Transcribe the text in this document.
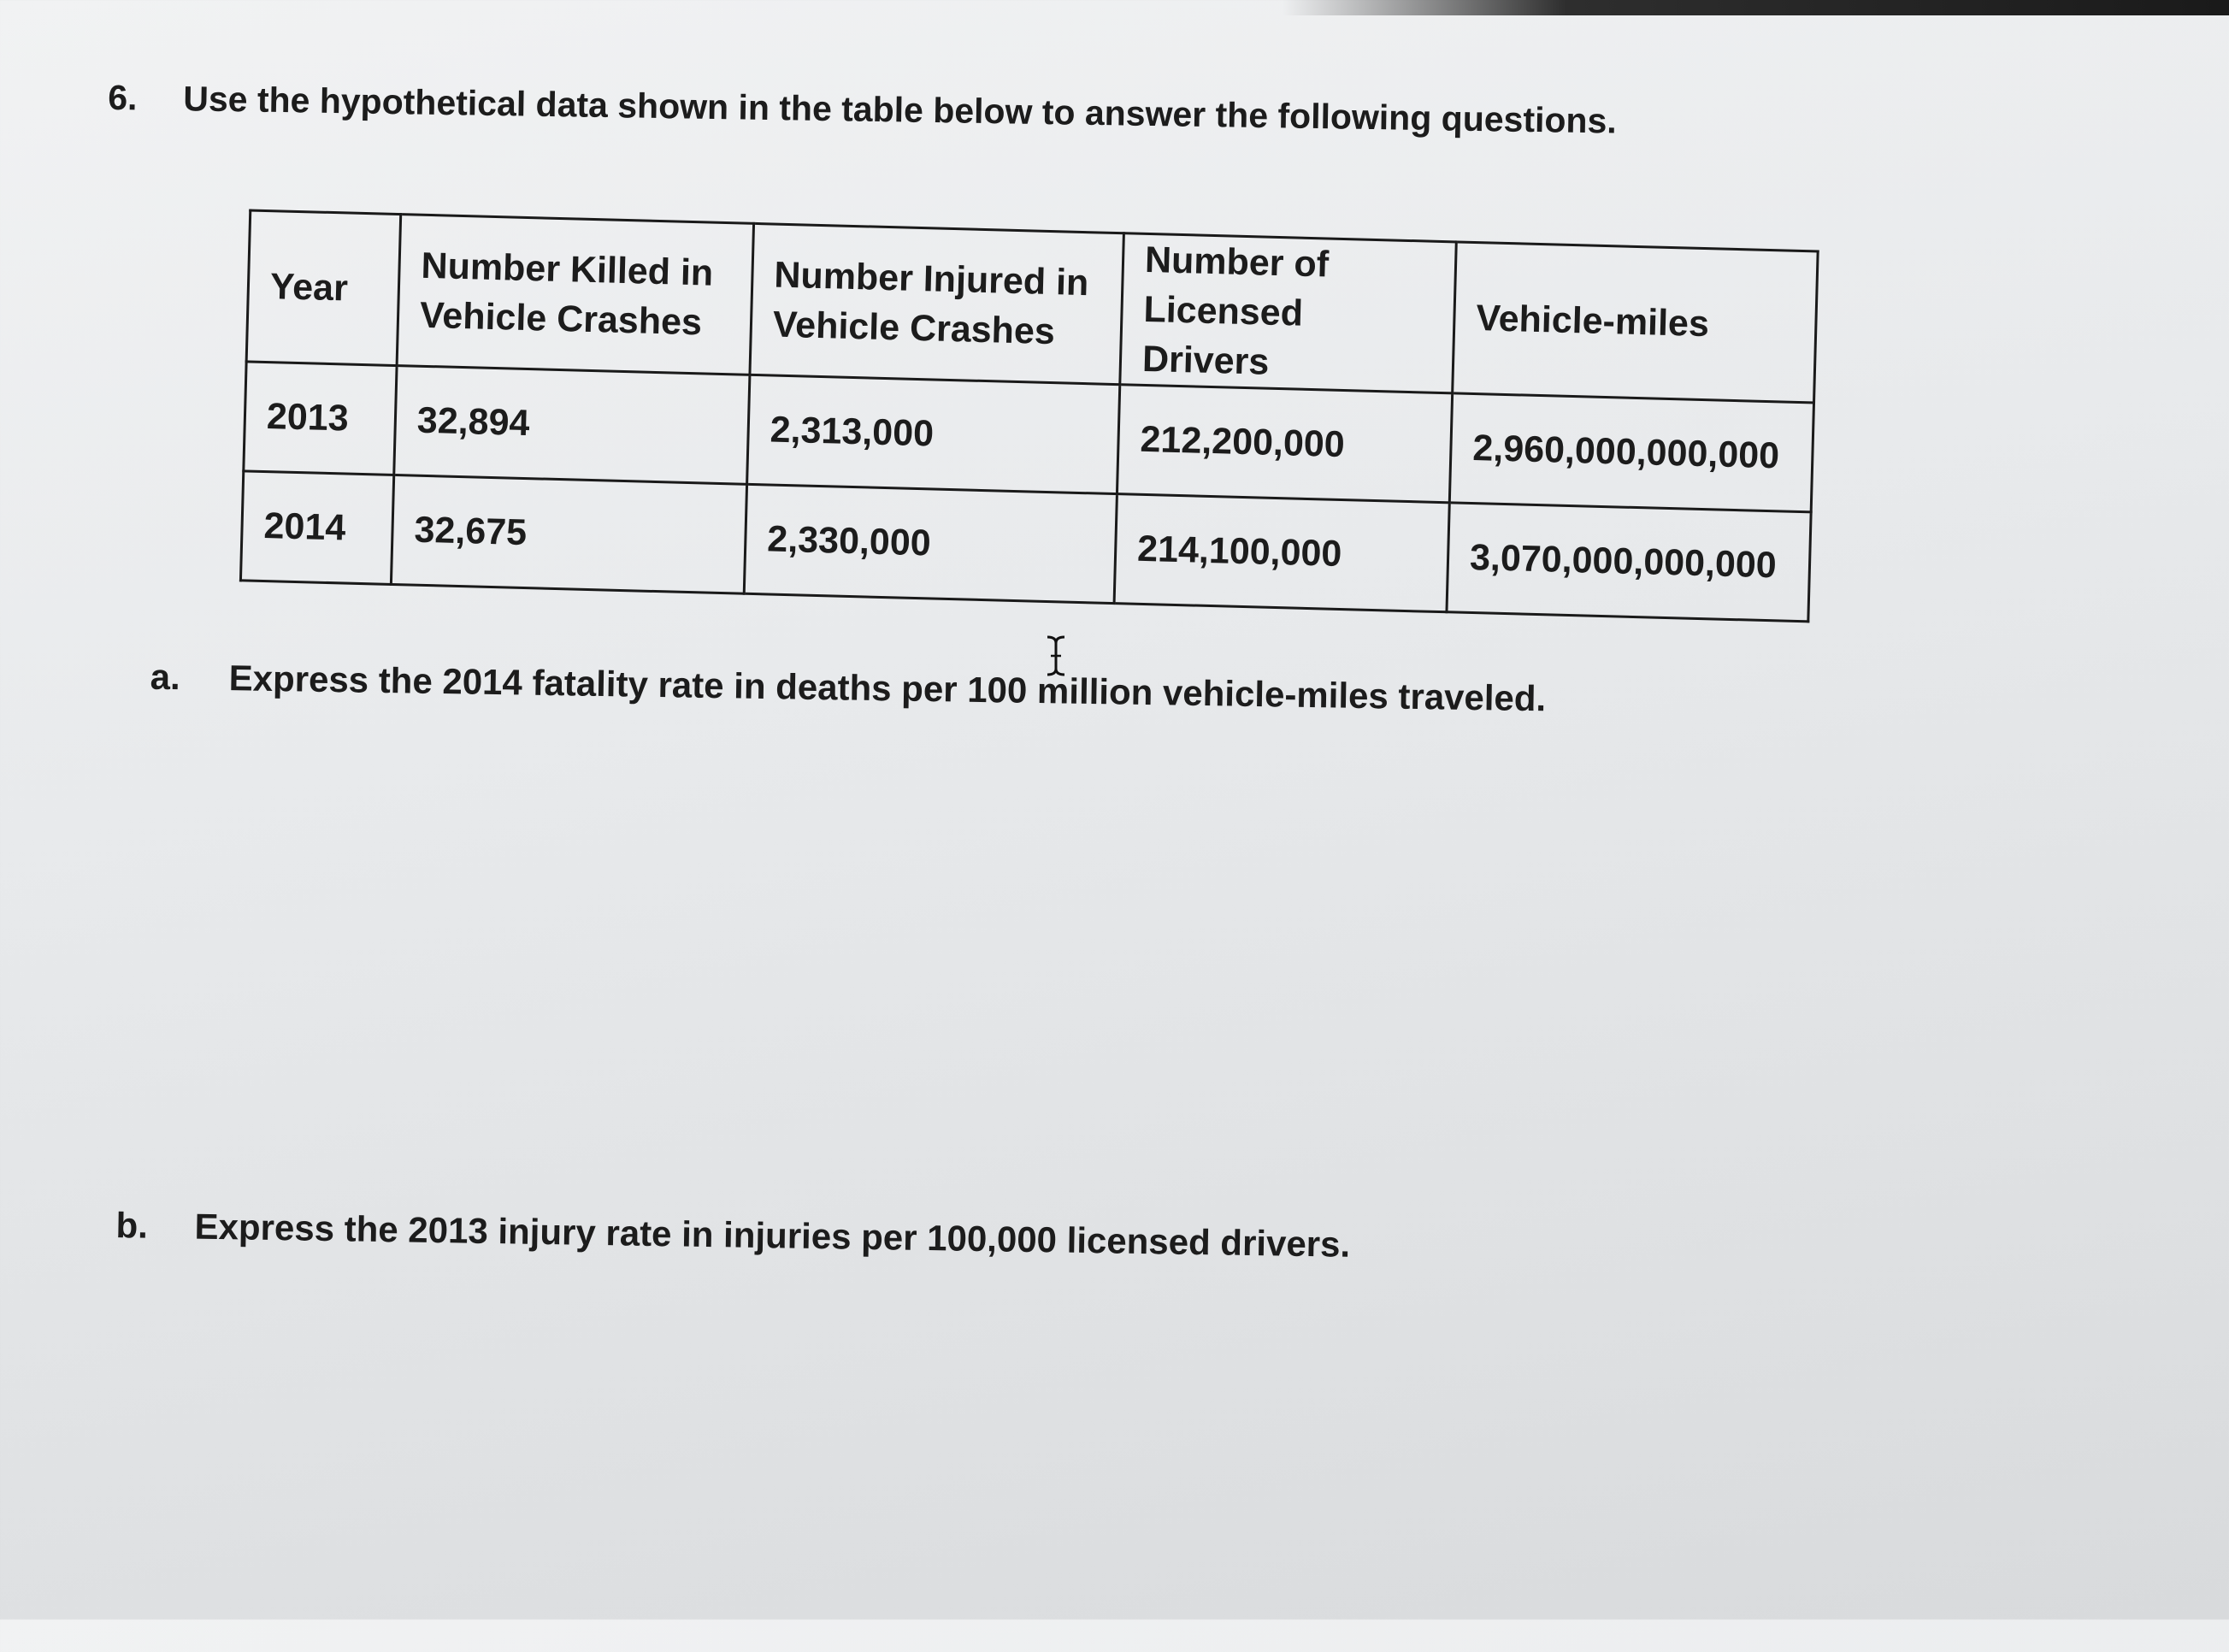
6. Use the hypothetical data shown in the table below to answer the following questions.
Year	Number Killed in Vehicle Crashes	Number Injured in Vehicle Crashes	Number of Licensed Drivers	Vehicle-miles
2013	32,894	2,313,000	212,200,000	2,960,000,000,000
2014	32,675	2,330,000	214,100,000	3,070,000,000,000
a. Express the 2014 fatality rate in deaths per 100 million vehicle-miles traveled.
b. Express the 2013 injury rate in injuries per 100,000 licensed drivers.
